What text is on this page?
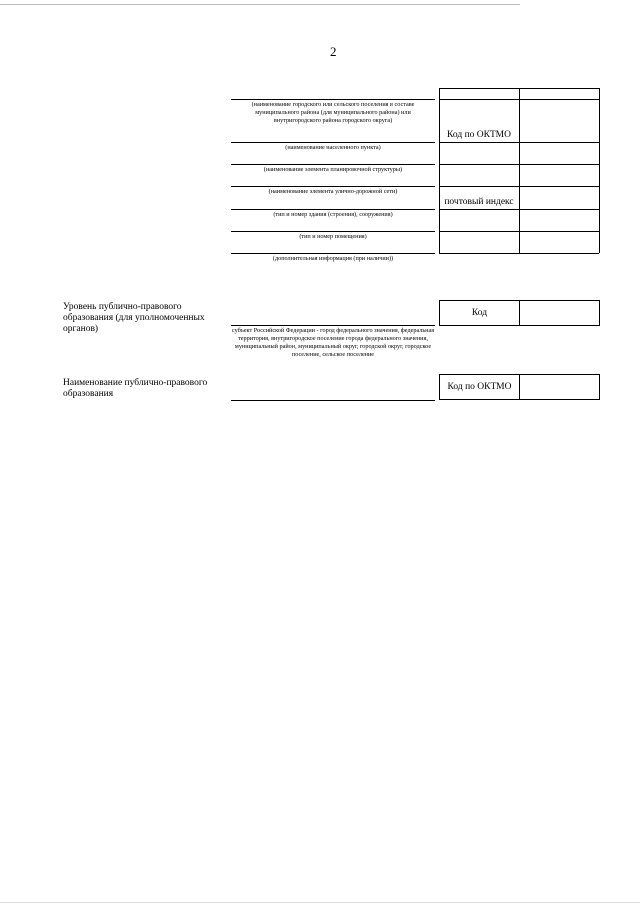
2
(наименование городского или сельского поселения в составе муниципального района (для муниципального района) или внутригородского района городского округа)
(наименование населенного пункта)
(наименование элемента планировочной структуры)
(наименование элемента улично-дорожной сети)
(тип и номер здания (строения), сооружения)
(тип и номер помещения)
(дополнительная информация (при наличии))
Код по ОКТМО
почтовый индекс
Уровень публично-правового образования (для уполномоченных органов)	субъект Российской Федерации - город федерального значения, федеральная территория, внутригородское поселение города федерального значения, муниципальный район, муниципальный округ, городской округ, городское поселение, сельское поселение
Код
Наименование публично-правового образования
Код по ОКТМО
